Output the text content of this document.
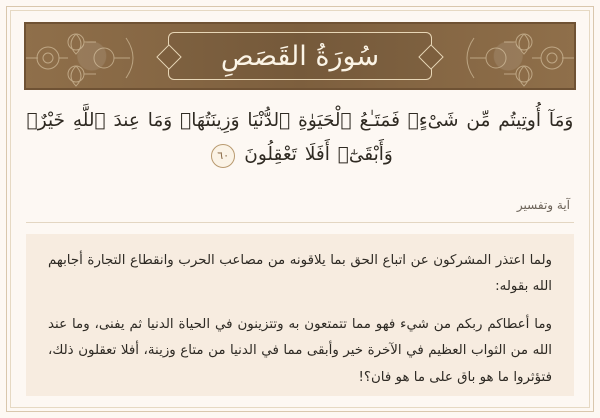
سُورَةُ القَصَصِ
وَمَآ أُوتِيتُم مِّن شَىْءٍۢ فَمَتَـٰعُ ٱلْحَيَوٰةِ ٱلدُّنْيَا وَزِينَتُهَاۚ وَمَا عِندَ ٱللَّهِ خَيْرٌۭ وَأَبْقَىٰٓۚ أَفَلَا تَعْقِلُونَ ٦٠
آية وتفسير

ولما اعتذر المشركون عن اتباع الحق بما يلاقونه من مصاعب الحرب وانقطاع التجارة أجابهم الله بقوله:

وما أعطاكم ربكم من شيء فهو مما تتمتعون به وتتزينون في الحياة الدنيا ثم يفنى، وما عند الله من الثواب العظيم في الآخرة خير وأبقى مما في الدنيا من متاع وزينة، أفلا تعقلون ذلك، فتؤثروا ما هو باق على ما هو فان؟!
